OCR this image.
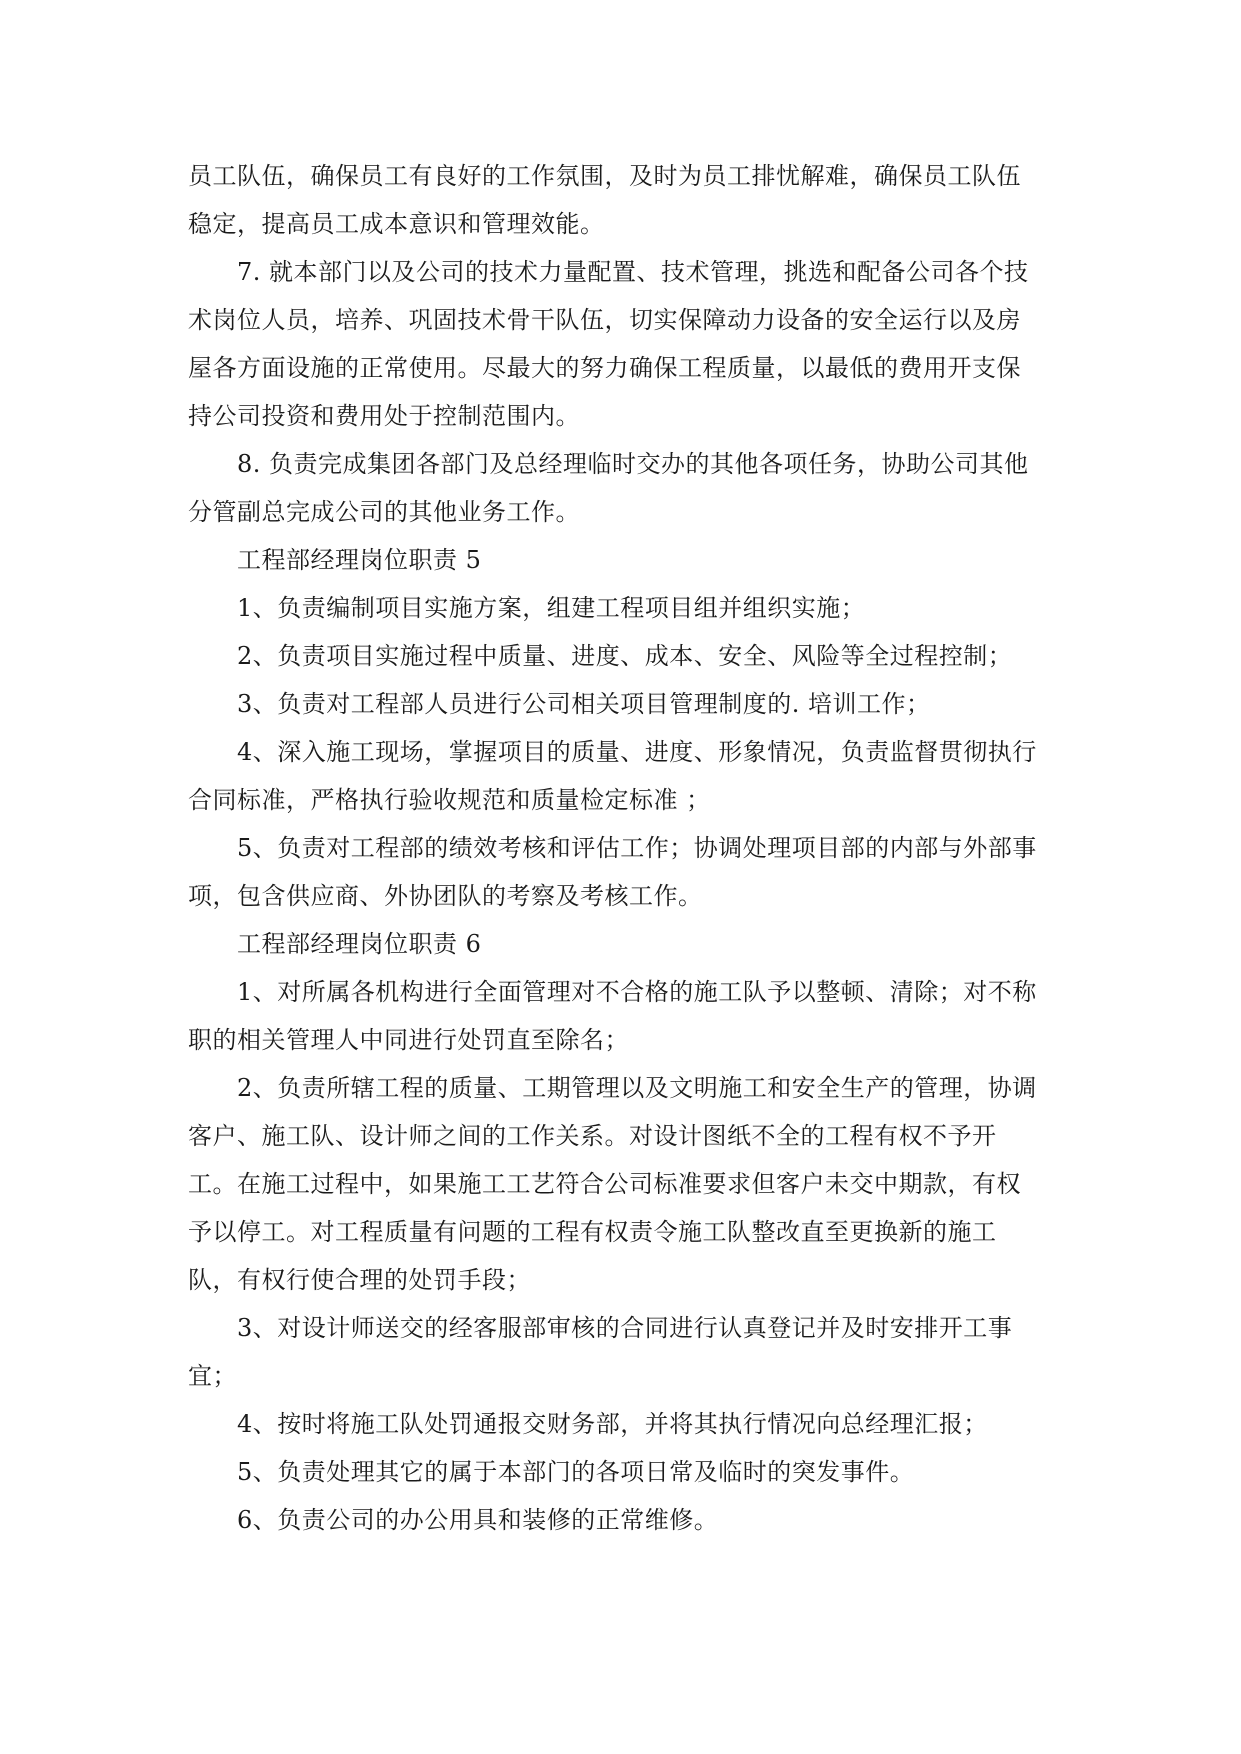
员工队伍，确保员工有良好的工作氛围，及时为员工排忧解难，确保员工队伍
稳定，提高员工成本意识和管理效能。
7. 就本部门以及公司的技术力量配置、技术管理，挑选和配备公司各个技
术岗位人员，培养、巩固技术骨干队伍，切实保障动力设备的安全运行以及房
屋各方面设施的正常使用。尽最大的努力确保工程质量，以最低的费用开支保
持公司投资和费用处于控制范围内。
8. 负责完成集团各部门及总经理临时交办的其他各项任务，协助公司其他
分管副总完成公司的其他业务工作。
工程部经理岗位职责 5
1、负责编制项目实施方案，组建工程项目组并组织实施；
2、负责项目实施过程中质量、进度、成本、安全、风险等全过程控制；
3、负责对工程部人员进行公司相关项目管理制度的. 培训工作；
4、深入施工现场，掌握项目的质量、进度、形象情况，负责监督贯彻执行
合同标准，严格执行验收规范和质量检定标准 ；
5、负责对工程部的绩效考核和评估工作；协调处理项目部的内部与外部事
项，包含供应商、外协团队的考察及考核工作。
工程部经理岗位职责 6
1、对所属各机构进行全面管理对不合格的施工队予以整顿、清除；对不称
职的相关管理人中同进行处罚直至除名；
2、负责所辖工程的质量、工期管理以及文明施工和安全生产的管理，协调
客户、施工队、设计师之间的工作关系。对设计图纸不全的工程有权不予开
工。在施工过程中，如果施工工艺符合公司标准要求但客户未交中期款，有权
予以停工。对工程质量有问题的工程有权责令施工队整改直至更换新的施工
队，有权行使合理的处罚手段；
3、对设计师送交的经客服部审核的合同进行认真登记并及时安排开工事
宜；
4、按时将施工队处罚通报交财务部，并将其执行情况向总经理汇报；
5、负责处理其它的属于本部门的各项日常及临时的突发事件。
6、负责公司的办公用具和装修的正常维修。
